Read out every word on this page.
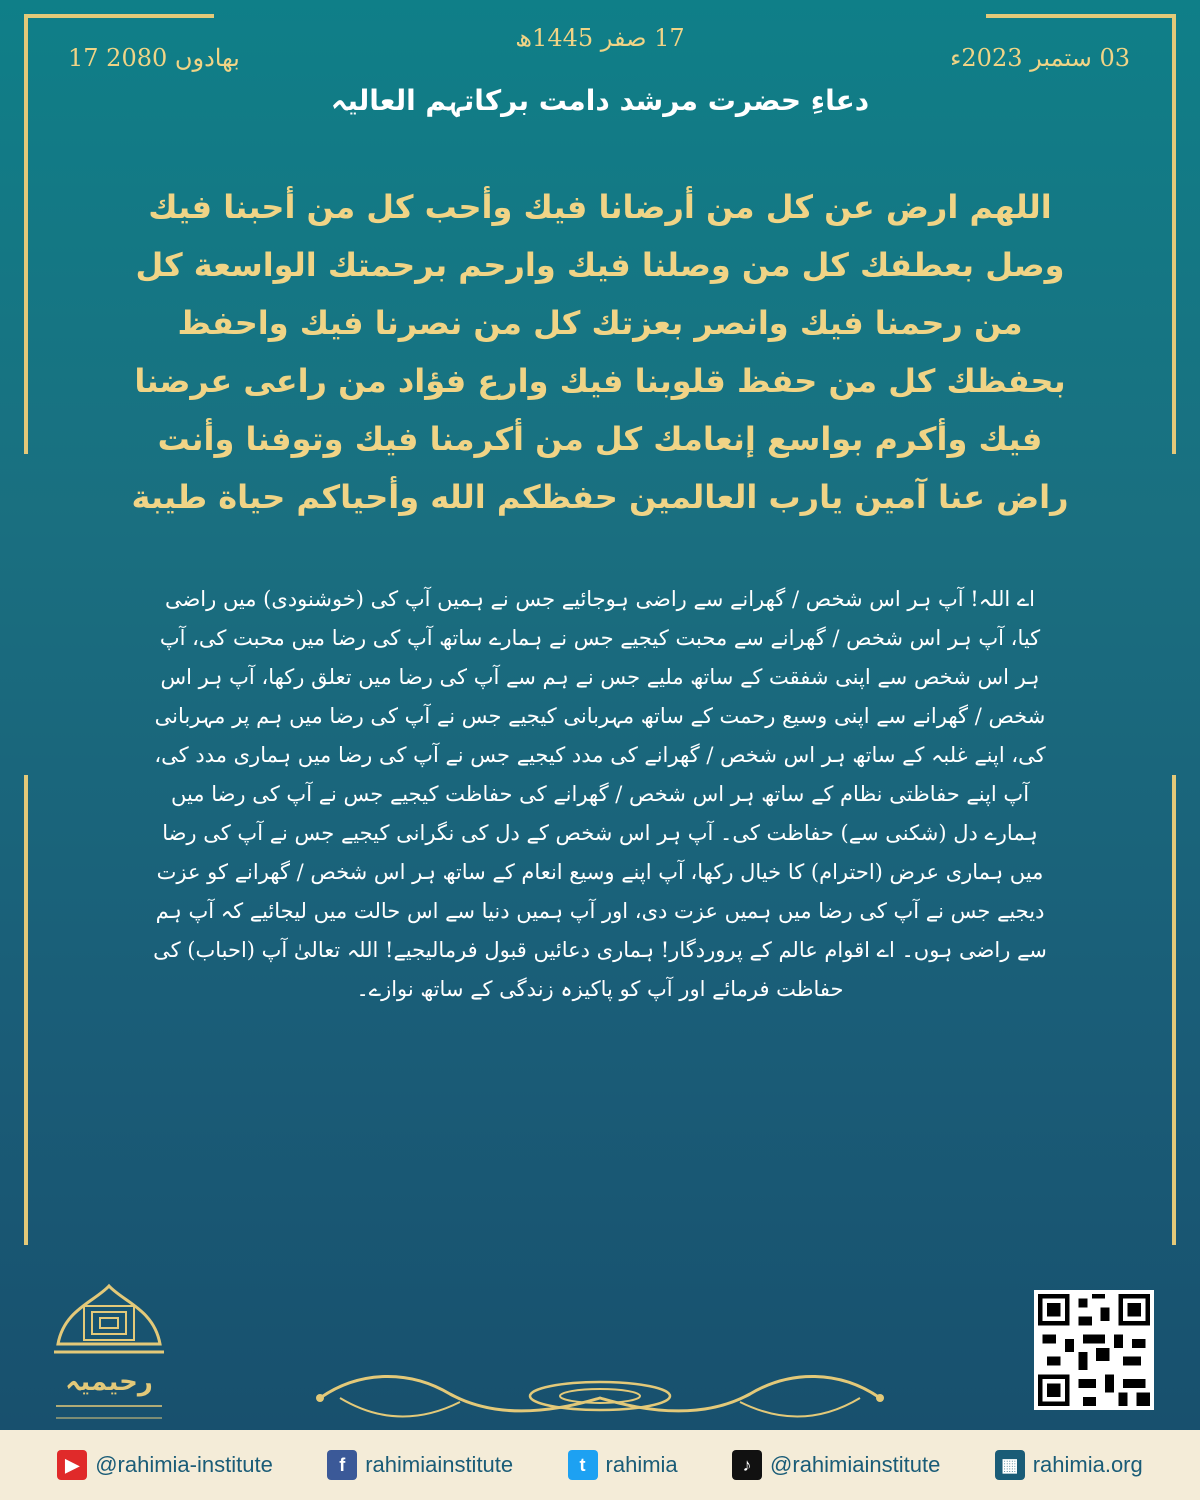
17 بھادوں 2080
17 صفر 1445ھ
03 ستمبر 2023ء
دعاءِ حضرت مرشد دامت برکاتہم العالیہ
اللهم ارض عن كل من أرضانا فيك وأحب كل من أحبنا فيك وصل بعطفك كل من وصلنا فيك وارحم برحمتك الواسعة كل من رحمنا فيك وانصر بعزتك كل من نصرنا فيك واحفظ بحفظك كل من حفظ قلوبنا فيك وارع فؤاد من راعى عرضنا فيك وأكرم بواسع إنعامك كل من أكرمنا فيك وتوفنا وأنت راض عنا آمين يارب العالمين حفظكم الله وأحياكم حياة طيبة
اے اللہ! آپ ہر اس شخص / گھرانے سے راضی ہوجائیے جس نے ہمیں آپ کی (خوشنودی) میں راضی کیا، آپ ہر اس شخص / گھرانے سے محبت کیجیے جس نے ہمارے ساتھ آپ کی رضا میں محبت کی، آپ ہر اس شخص سے اپنی شفقت کے ساتھ ملیے جس نے ہم سے آپ کی رضا میں تعلق رکھا، آپ ہر اس شخص / گھرانے سے اپنی وسیع رحمت کے ساتھ مہربانی کیجیے جس نے آپ کی رضا میں ہم پر مہربانی کی، اپنے غلبہ کے ساتھ ہر اس شخص / گھرانے کی مدد کیجیے جس نے آپ کی رضا میں ہماری مدد کی، آپ اپنے حفاظتی نظام کے ساتھ ہر اس شخص / گھرانے کی حفاظت کیجیے جس نے آپ کی رضا میں ہمارے دل (شکنی سے) حفاظت کی۔ آپ ہر اس شخص کے دل کی نگرانی کیجیے جس نے آپ کی رضا میں ہماری عرض (احترام) کا خیال رکھا، آپ اپنے وسیع انعام کے ساتھ ہر اس شخص / گھرانے کو عزت دیجیے جس نے آپ کی رضا میں ہمیں عزت دی، اور آپ ہمیں دنیا سے اس حالت میں لیجائیے کہ آپ ہم سے راضی ہوں۔ اے اقوام عالم کے پروردگار! ہماری دعائیں قبول فرمالیجیے! اللہ تعالیٰ آپ (احباب) کی حفاظت فرمائے اور آپ کو پاکیزہ زندگی کے ساتھ نوازے۔
رحیمیہ
▶ @rahimia-institute	f rahimiainstitute	t rahimia	♪ @rahimiainstitute	▦ rahimia.org
